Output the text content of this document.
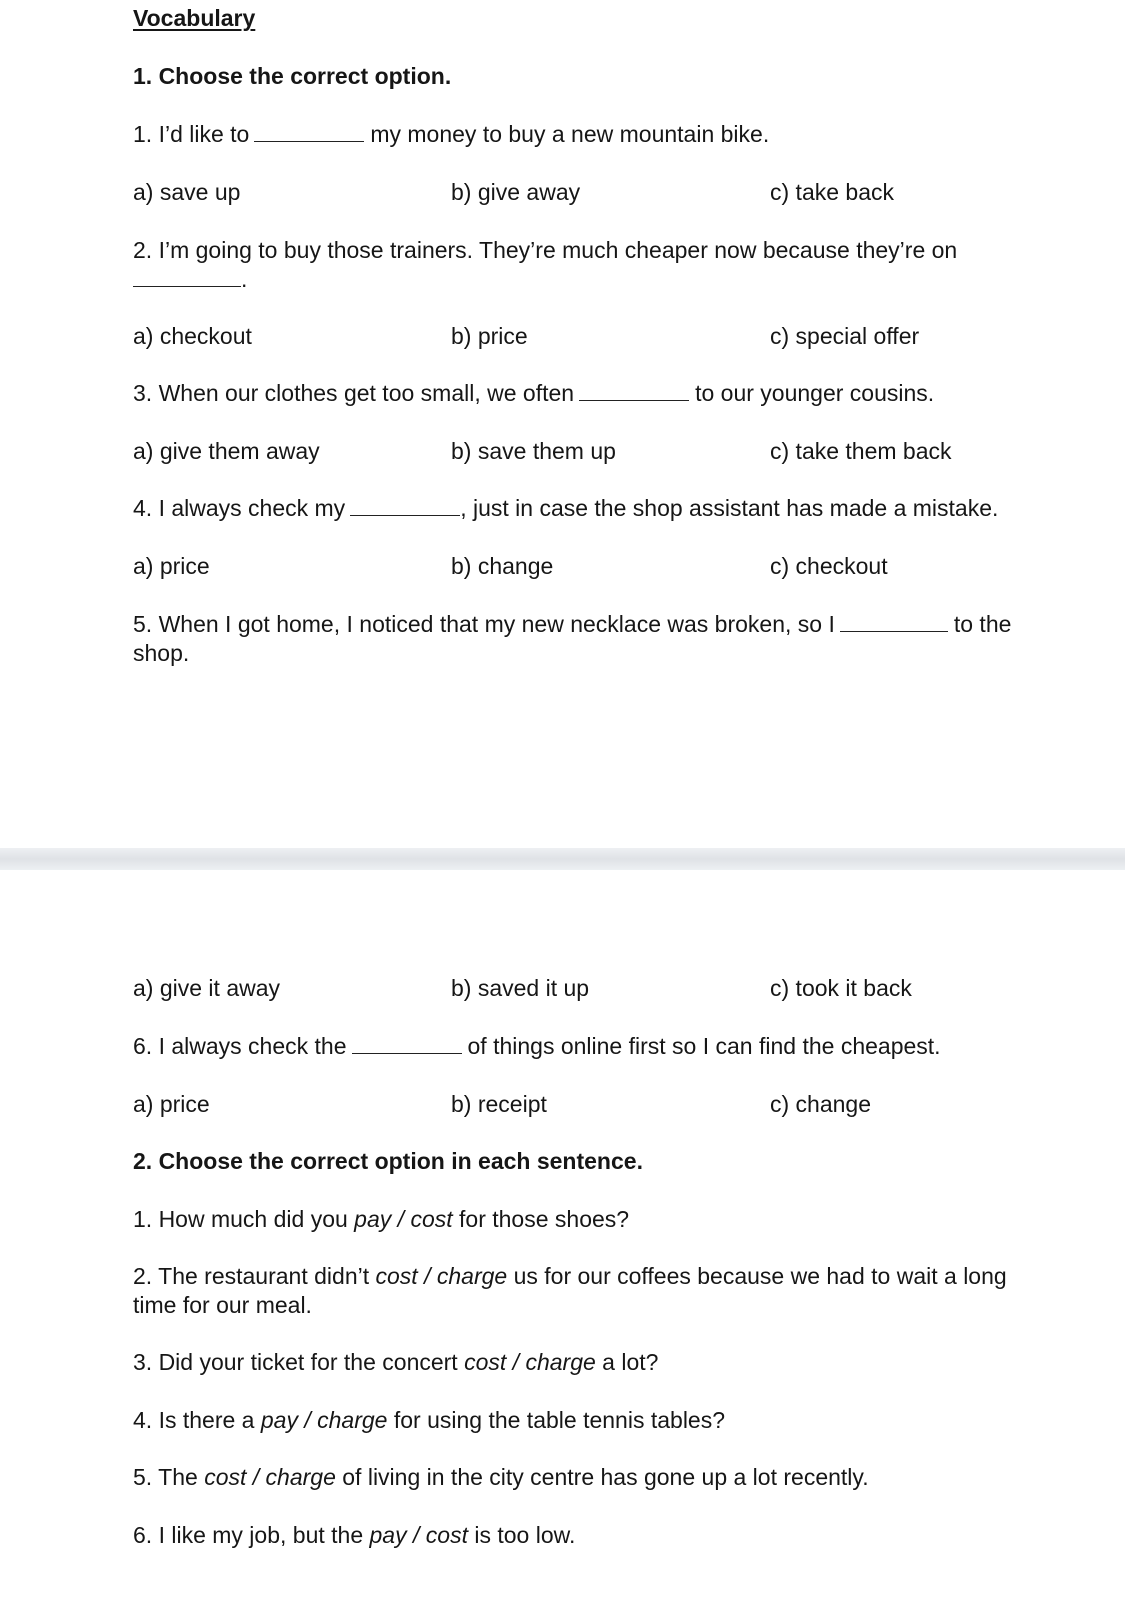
Vocabulary
1. Choose the correct option.
1. I’d like to	my money to buy a new mountain bike.
a) save up	b) give away	c) take back
2. I’m going to buy those trainers. They’re much cheaper now because they’re on
.
a) checkout	b) price	c) special offer
3. When our clothes get too small, we often	to our younger cousins.
a) give them away	b) save them up	c) take them back
4. I always check my	, just in case the shop assistant has made a mistake.
a) price	b) change	c) checkout
5. When I got home, I noticed that my new necklace was broken, so I	to the
shop.
a) give it away	b) saved it up	c) took it back
6. I always check the	of things online first so I can find the cheapest.
a) price	b) receipt	c) change
2. Choose the correct option in each sentence.
1. How much did you pay / cost for those shoes?
2. The restaurant didn’t cost / charge us for our coffees because we had to wait a long
time for our meal.
3. Did your ticket for the concert cost / charge a lot?
4. Is there a pay / charge for using the table tennis tables?
5. The cost / charge of living in the city centre has gone up a lot recently.
6. I like my job, but the pay / cost is too low.
